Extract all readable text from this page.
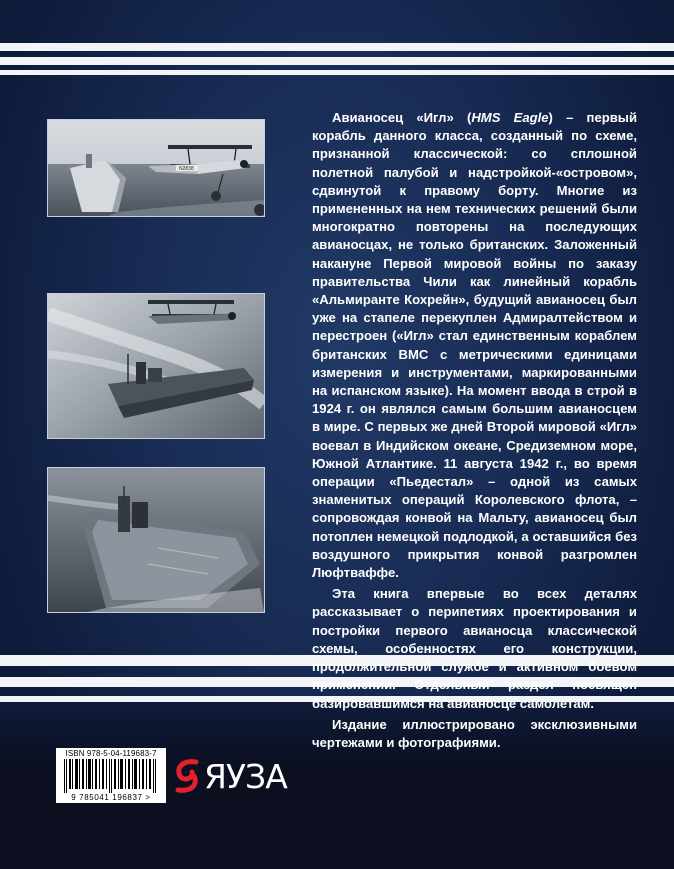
N2838

Авианосец «Игл» (HMS Eagle) – первый корабль данного класса, созданный по схеме, признанной классической: со сплошной полетной палубой и надстройкой-«островом», сдвинутой к правому борту. Многие из примененных на нем технических решений были многократно повторены на последующих авианосцах, не только британских. Заложенный накануне Первой мировой войны по заказу правительства Чили как линейный корабль «Альмиранте Кохрейн», будущий авианосец был уже на стапеле перекуплен Адмиралтейством и перестроен («Игл» стал единственным кораблем британских ВМС с метрическими единицами измерения и инструментами, маркированными на испанском языке). На момент ввода в строй в 1924 г. он являлся самым большим авианосцем в мире. С первых же дней Второй мировой «Игл» воевал в Индийском океане, Средиземном море, Южной Атлантике. 11 августа 1942 г., во время операции «Пьедестал» – одной из самых знаменитых операций Королевского флота, – сопровождая конвой на Мальту, авианосец был потоплен немецкой подлодкой, а оставшийся без воздушного прикрытия конвой разгромлен Люфтваффе.

Эта книга впервые во всех деталях рассказывает о перипетиях проектирования и постройки первого авианосца классической схемы, особенностях его конструкции, продолжительной службе и активном боевом применении. Отдельный раздел посвящен базировавшимся на авианосце самолетам.

Издание иллюстрировано эксклюзивными чертежами и фотографиями.

ISBN 978-5-04-119683-7
9 785041 196837 >
ЯУЗА
